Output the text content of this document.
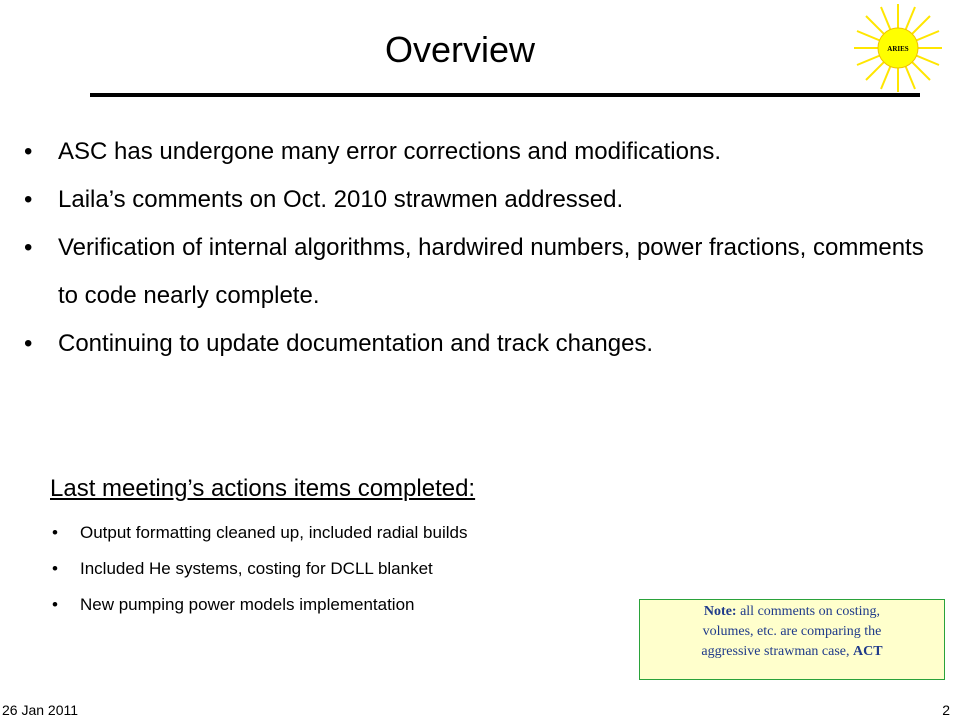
Overview	ARIES
• ASC has undergone many error corrections and modifications.
• Laila’s comments on Oct. 2010 strawmen addressed.
• Verification of internal algorithms, hardwired numbers, power fractions, comments to code nearly complete.
• Continuing to update documentation and track changes.
Last meeting’s actions items completed:
• Output formatting cleaned up, included radial builds
• Included He systems, costing for DCLL blanket
• New pumping power models implementation	Note: all comments on costing,
volumes, etc. are comparing the
aggressive strawman case, ACT
26 Jan 2011	2
